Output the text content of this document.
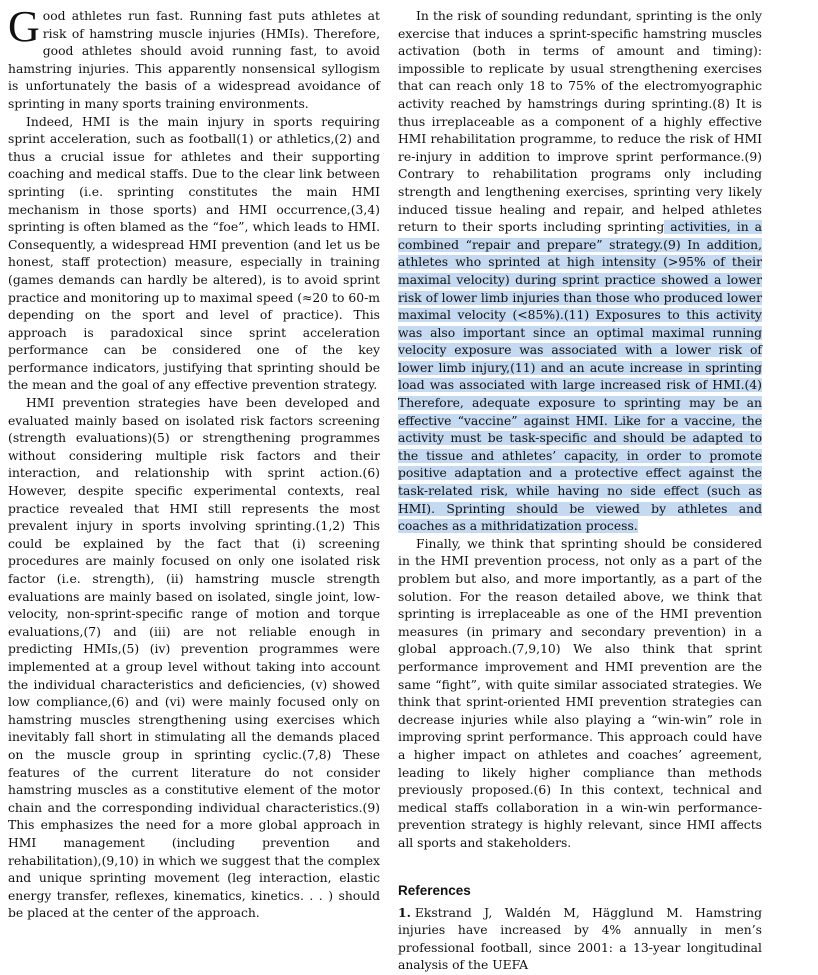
Good athletes run fast. Running fast puts athletes at risk of hamstring muscle injuries (HMIs). Therefore, good athletes should avoid running fast, to avoid hamstring injuries. This apparently nonsensical syllogism is unfortunately the basis of a widespread avoidance of sprinting in many sports training environments.

Indeed, HMI is the main injury in sports requiring sprint acceleration, such as football(1) or athletics,(2) and thus a crucial issue for athletes and their supporting coaching and medical staffs. Due to the clear link between sprinting (i.e. sprinting constitutes the main HMI mechanism in those sports) and HMI occurrence,(3,4) sprinting is often blamed as the “foe”, which leads to HMI. Consequently, a widespread HMI prevention (and let us be honest, staff protection) measure, especially in training (games demands can hardly be altered), is to avoid sprint practice and monitoring up to maximal speed (≈20 to 60-m depending on the sport and level of practice). This approach is paradoxical since sprint acceleration performance can be considered one of the key performance indicators, justifying that sprinting should be the mean and the goal of any effective prevention strategy.

HMI prevention strategies have been developed and evaluated mainly based on isolated risk factors screening (strength evaluations)(5) or strengthening programmes without considering multiple risk factors and their interaction, and relationship with sprint action.(6) However, despite specific experimental contexts, real practice revealed that HMI still represents the most prevalent injury in sports involving sprinting.(1,2) This could be explained by the fact that (i) screening procedures are mainly focused on only one isolated risk factor (i.e. strength), (ii) hamstring muscle strength evaluations are mainly based on isolated, single joint, low-velocity, non-sprint-specific range of motion and torque evaluations,(7) and (iii) are not reliable enough in predicting HMIs,(5) (iv) prevention programmes were implemented at a group level without taking into account the individual characteristics and deficiencies, (v) showed low compliance,(6) and (vi) were mainly focused only on hamstring muscles strengthening using exercises which inevitably fall short in stimulating all the demands placed on the muscle group in sprinting cyclic.(7,8) These features of the current literature do not consider hamstring muscles as a constitutive element of the motor chain and the corresponding individual characteristics.(9) This emphasizes the need for a more global approach in HMI management (including prevention and rehabilitation),(9,10) in which we suggest that the complex and unique sprinting movement (leg interaction, elastic energy transfer, reflexes, kinematics, kinetics. . . ) should be placed at the center of the approach.

In the risk of sounding redundant, sprinting is the only exercise that induces a sprint-specific hamstring muscles activation (both in terms of amount and timing): impossible to replicate by usual strengthening exercises that can reach only 18 to 75% of the electromyographic activity reached by hamstrings during sprinting.(8) It is thus irreplaceable as a component of a highly effective HMI rehabilitation programme, to reduce the risk of HMI re-injury in addition to improve sprint performance.(9) Contrary to rehabilitation programs only including strength and lengthening exercises, sprinting very likely induced tissue healing and repair, and helped athletes return to their sports including sprinting activities, in a combined “repair and prepare” strategy.(9) In addition, athletes who sprinted at high intensity (>95% of their maximal velocity) during sprint practice showed a lower risk of lower limb injuries than those who produced lower maximal velocity (<85%).(11) Exposures to this activity was also important since an optimal maximal running velocity exposure was associated with a lower risk of lower limb injury,(11) and an acute increase in sprinting load was associated with large increased risk of HMI.(4) Therefore, adequate exposure to sprinting may be an effective “vaccine” against HMI. Like for a vaccine, the activity must be task-specific and should be adapted to the tissue and athletes’ capacity, in order to promote positive adaptation and a protective effect against the task-related risk, while having no side effect (such as HMI). Sprinting should be viewed by athletes and coaches as a mithridatization process.

Finally, we think that sprinting should be considered in the HMI prevention process, not only as a part of the problem but also, and more importantly, as a part of the solution. For the reason detailed above, we think that sprinting is irreplaceable as one of the HMI prevention measures (in primary and secondary prevention) in a global approach.(7,9,10) We also think that sprint performance improvement and HMI prevention are the same “fight”, with quite similar associated strategies. We think that sprint-oriented HMI prevention strategies can decrease injuries while also playing a “win-win” role in improving sprint performance. This approach could have a higher impact on athletes and coaches’ agreement, leading to likely higher compliance than methods previously proposed.(6) In this context, technical and medical staffs collaboration in a win-win performance-prevention strategy is highly relevant, since HMI affects all sports and stakeholders.

References

1. Ekstrand J, Waldén M, Hägglund M. Hamstring injuries have increased by 4% annually in men’s professional football, since 2001: a 13-year longitudinal analysis of the UEFA
